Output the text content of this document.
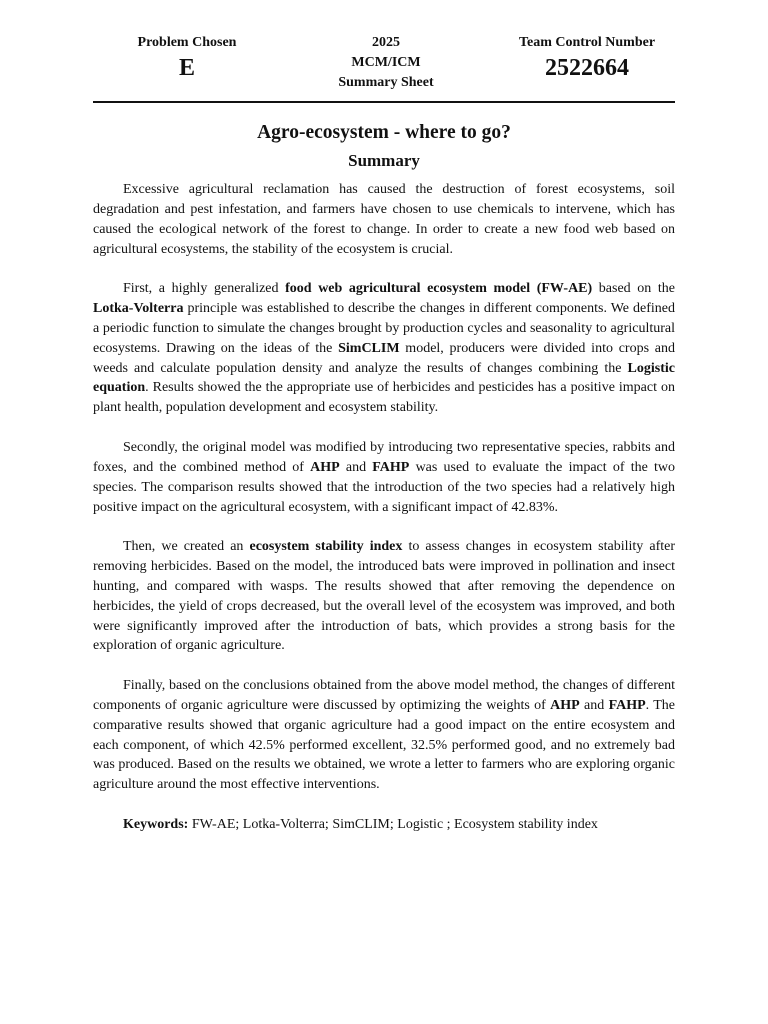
Problem Chosen
E
2025
MCM/ICM
Summary Sheet
Team Control Number
2522664
Agro-ecosystem - where to go?
Summary

Excessive agricultural reclamation has caused the destruction of forest ecosystems, soil degradation and pest infestation, and farmers have chosen to use chemicals to intervene, which has caused the ecological network of the forest to change. In order to create a new food web based on agricultural ecosystems, the stability of the ecosystem is crucial.

First, a highly generalized food web agricultural ecosystem model (FW-AE) based on the Lotka-Volterra principle was established to describe the changes in different components. We defined a periodic function to simulate the changes brought by production cycles and seasonality to agricultural ecosystems. Drawing on the ideas of the SimCLIM model, producers were divided into crops and weeds and calculate population density and analyze the results of changes combining the Logistic equation. Results showed the the appropriate use of herbicides and pesticides has a positive impact on plant health, population development and ecosystem stability.

Secondly, the original model was modified by introducing two representative species, rabbits and foxes, and the combined method of AHP and FAHP was used to evaluate the impact of the two species. The comparison results showed that the introduction of the two species had a relatively high positive impact on the agricultural ecosystem, with a significant impact of 42.83%.

Then, we created an ecosystem stability index to assess changes in ecosystem stability after removing herbicides. Based on the model, the introduced bats were improved in pollination and insect hunting, and compared with wasps. The results showed that after removing the dependence on herbicides, the yield of crops decreased, but the overall level of the ecosystem was improved, and both were significantly improved after the introduction of bats, which provides a strong basis for the exploration of organic agriculture.

Finally, based on the conclusions obtained from the above model method, the changes of different components of organic agriculture were discussed by optimizing the weights of AHP and FAHP. The comparative results showed that organic agriculture had a good impact on the entire ecosystem and each component, of which 42.5% performed excellent, 32.5% performed good, and no extremely bad was produced. Based on the results we obtained, we wrote a letter to farmers who are exploring organic agriculture around the most effective interventions.

Keywords: FW-AE; Lotka-Volterra; SimCLIM; Logistic ; Ecosystem stability index
